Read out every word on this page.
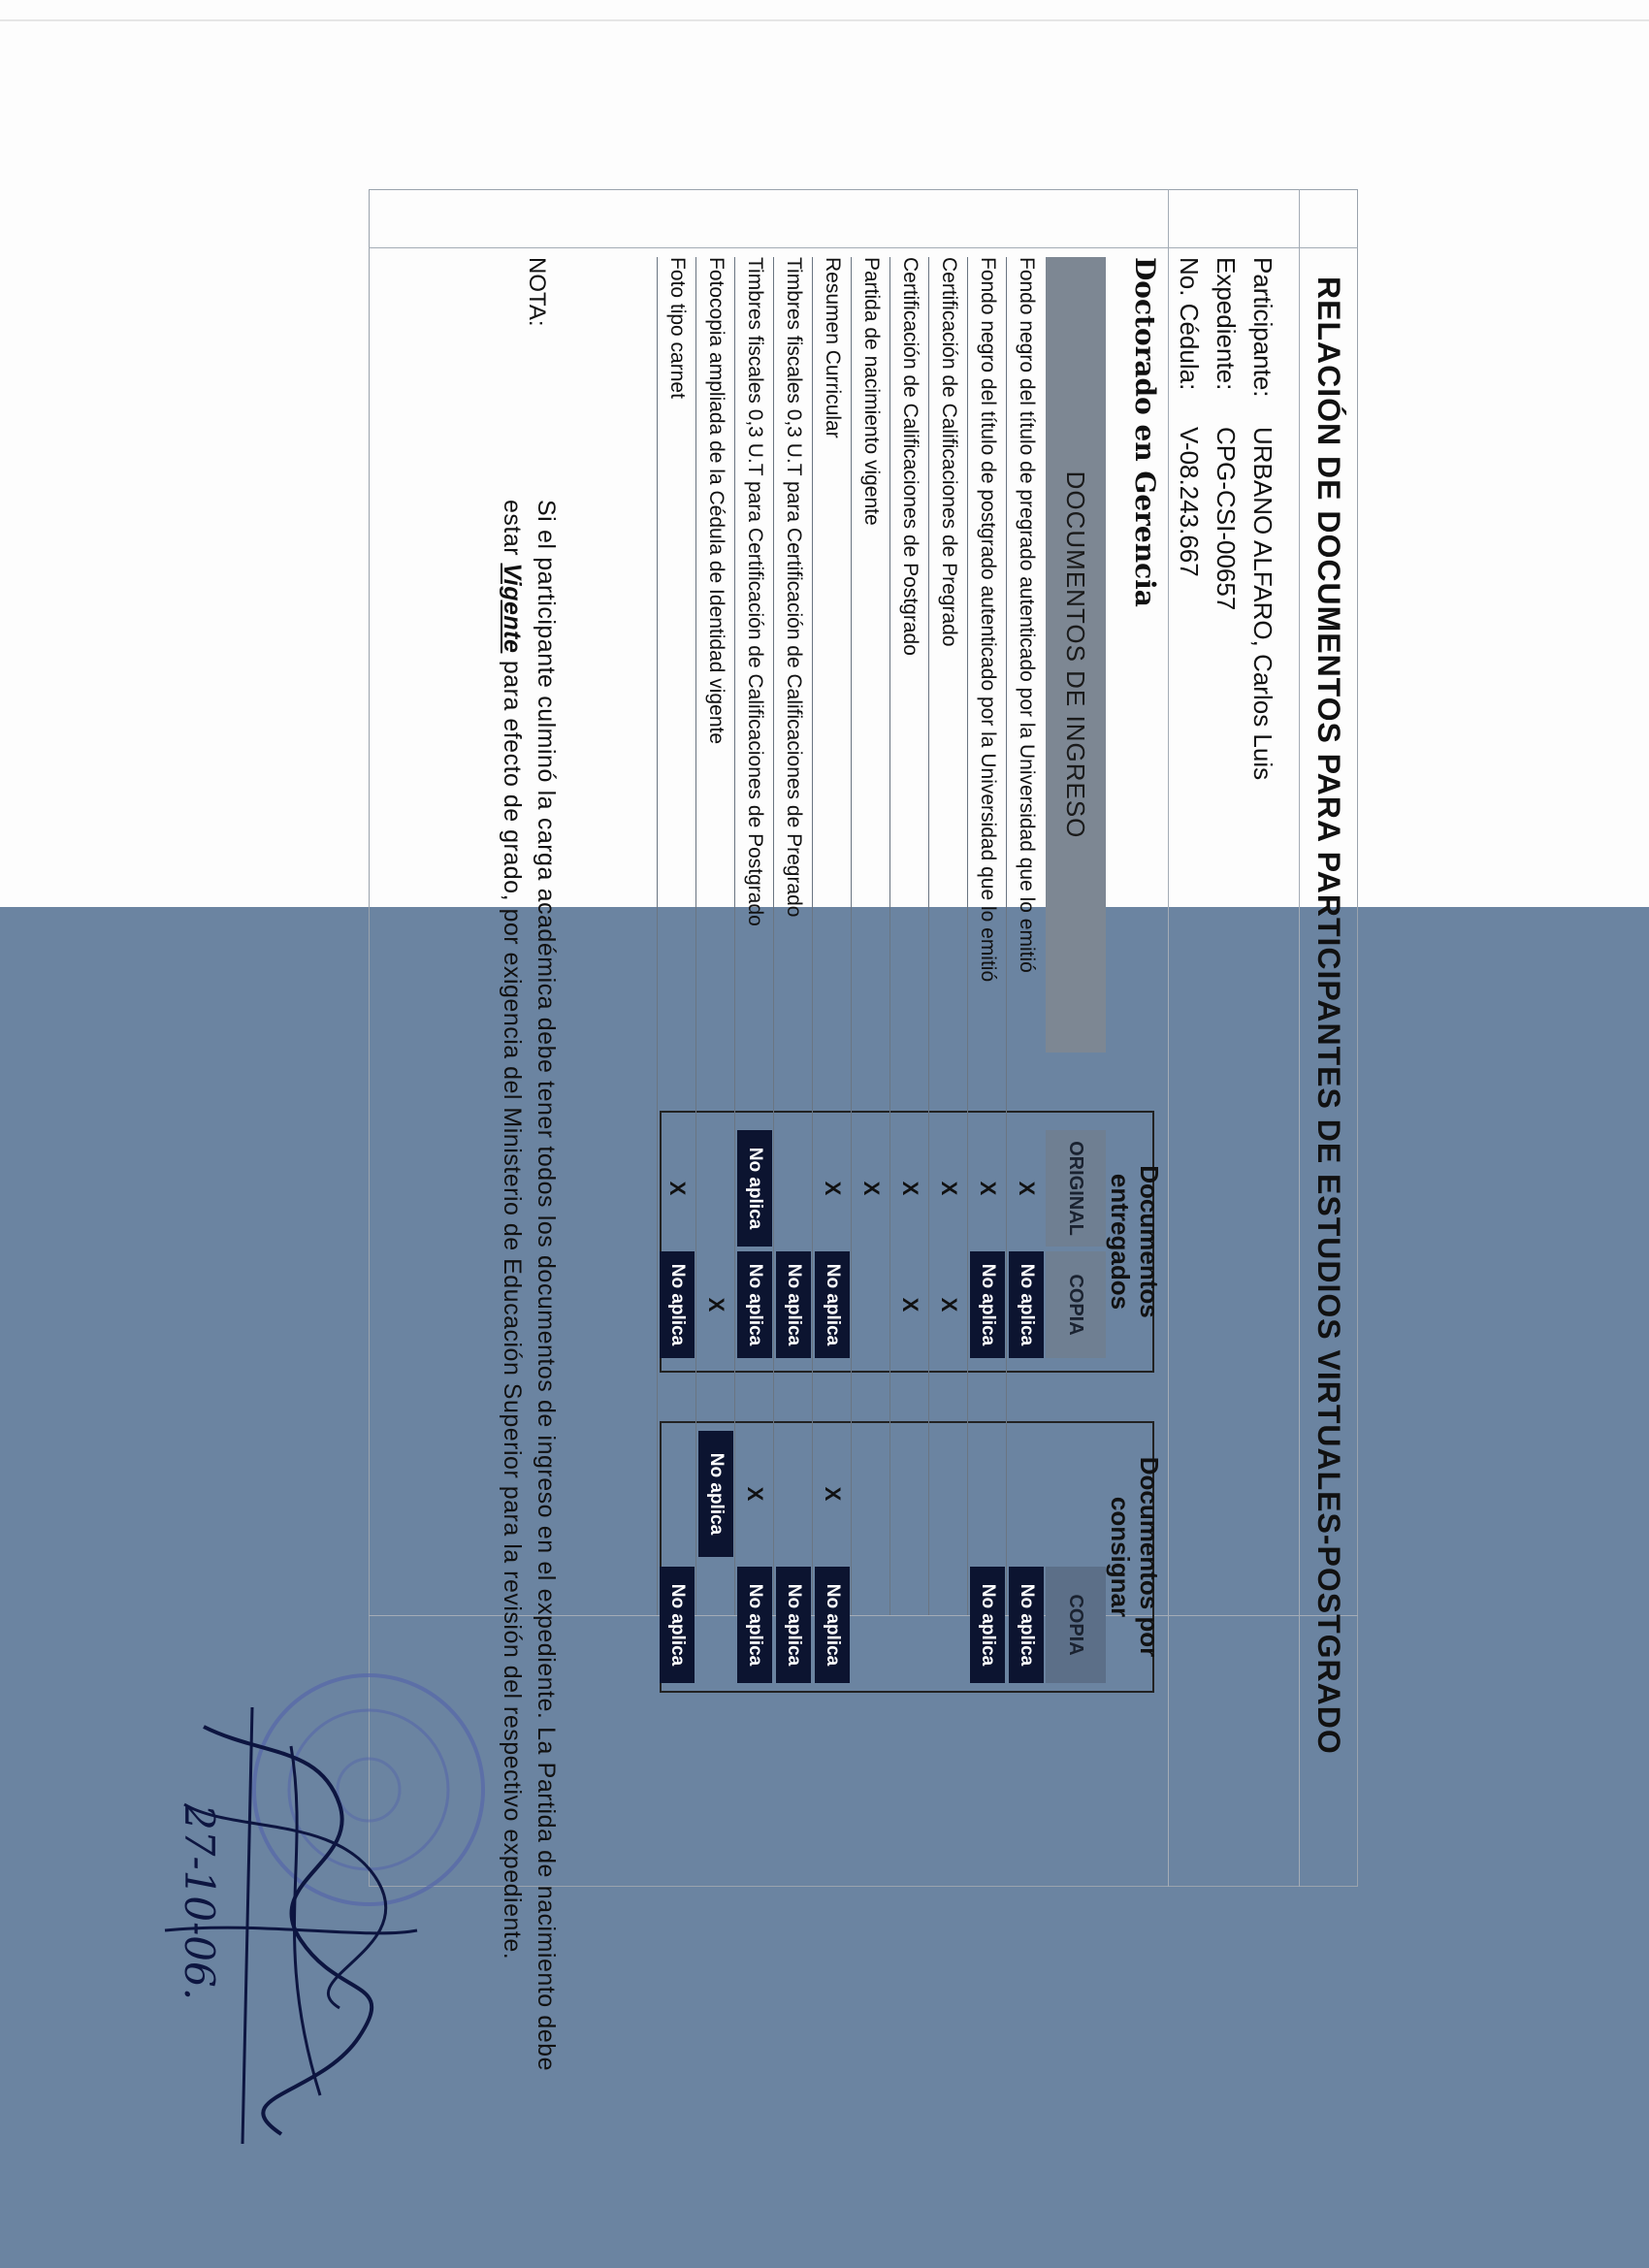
RELACIÓN DE DOCUMENTOS PARA PARTICIPANTES DE ESTUDIOS VIRTUALES-POSTGRADO
Participante:
URBANO ALFARO, Carlos Luis
Expediente:
CPG-CSI-00657
No. Cédula:
V-08.243.667
Doctorado en Gerencia
DOCUMENTOS DE INGRESO
Documentos entregados
ORIGINAL
COPIA
Documentos por consignar
COPIA
Fondo negro del título de pregrado autenticado por la Universidad que lo emitió
X
No aplica
No aplica
Fondo negro del título de postgrado autenticado por la Universidad que lo emitió
X
No aplica
No aplica
Certificación de Calificaciones de Pregrado
X
X
Certificación de Calificaciones de Postgrado
X
X
Partida de nacimiento vigente
X
Resumen Curricular
X
No aplica
X
No aplica
Timbres fiscales 0,3 U.T para Certificación de Calificaciones de Pregrado
No aplica
No aplica
Timbres fiscales 0,3 U.T para Certificación de Calificaciones de Postgrado
No aplica
No aplica
X
No aplica
Fotocopia ampliada de la Cédula de Identidad vigente
X
No aplica
Foto tipo carnet
X
No aplica
No aplica
NOTA:
Si el participante culminó la carga académica debe tener todos los documentos de ingreso en el expediente. La Partida de nacimiento debe estar Vigente para efecto de grado, por exigencia del Ministerio de Educación Superior para la revisión del respectivo expediente.
27-10-06.
